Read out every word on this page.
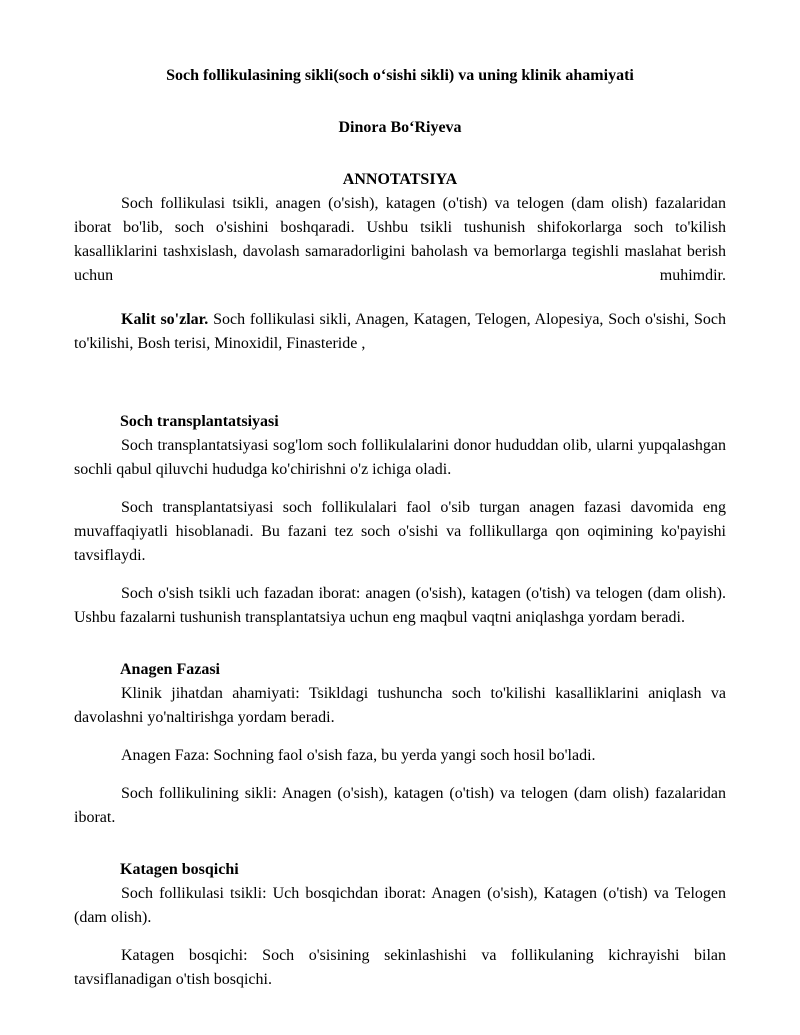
Soch follikulasining sikli(soch o‘sishi sikli) va uning klinik ahamiyati
Dinora Bo‘Riyeva
ANNOTATSIYA

Soch follikulasi tsikli, anagen (o'sish), katagen (o'tish) va telogen (dam olish) fazalaridan iborat bo'lib, soch o'sishini boshqaradi. Ushbu tsikli tushunish shifokorlarga soch to'kilish kasalliklarini tashxislash, davolash samaradorligini baholash va bemorlarga tegishli maslahat berish uchun muhimdir.

Kalit so'zlar. Soch follikulasi sikli, Anagen, Katagen, Telogen, Alopesiya, Soch o'sishi, Soch to'kilishi, Bosh terisi, Minoxidil, Finasteride ,

Soch transplantatsiyasi

Soch transplantatsiyasi sog'lom soch follikulalarini donor hududdan olib, ularni yupqalashgan sochli qabul qiluvchi hududga ko'chirishni o'z ichiga oladi.

Soch transplantatsiyasi soch follikulalari faol o'sib turgan anagen fazasi davomida eng muvaffaqiyatli hisoblanadi. Bu fazani tez soch o'sishi va follikullarga qon oqimining ko'payishi tavsiflaydi.

Soch o'sish tsikli uch fazadan iborat: anagen (o'sish), katagen (o'tish) va telogen (dam olish). Ushbu fazalarni tushunish transplantatsiya uchun eng maqbul vaqtni aniqlashga yordam beradi.

Anagen Fazasi

Klinik jihatdan ahamiyati: Tsikldagi tushuncha soch to'kilishi kasalliklarini aniqlash va davolashni yo'naltirishga yordam beradi.

Anagen Faza: Sochning faol o'sish faza, bu yerda yangi soch hosil bo'ladi.

Soch follikulining sikli: Anagen (o'sish), katagen (o'tish) va telogen (dam olish) fazalaridan iborat.

Katagen bosqichi

Soch follikulasi tsikli: Uch bosqichdan iborat: Anagen (o'sish), Katagen (o'tish) va Telogen (dam olish).

Katagen bosqichi: Soch o'sisining sekinlashishi va follikulaning kichrayishi bilan tavsiflanadigan o'tish bosqichi.
